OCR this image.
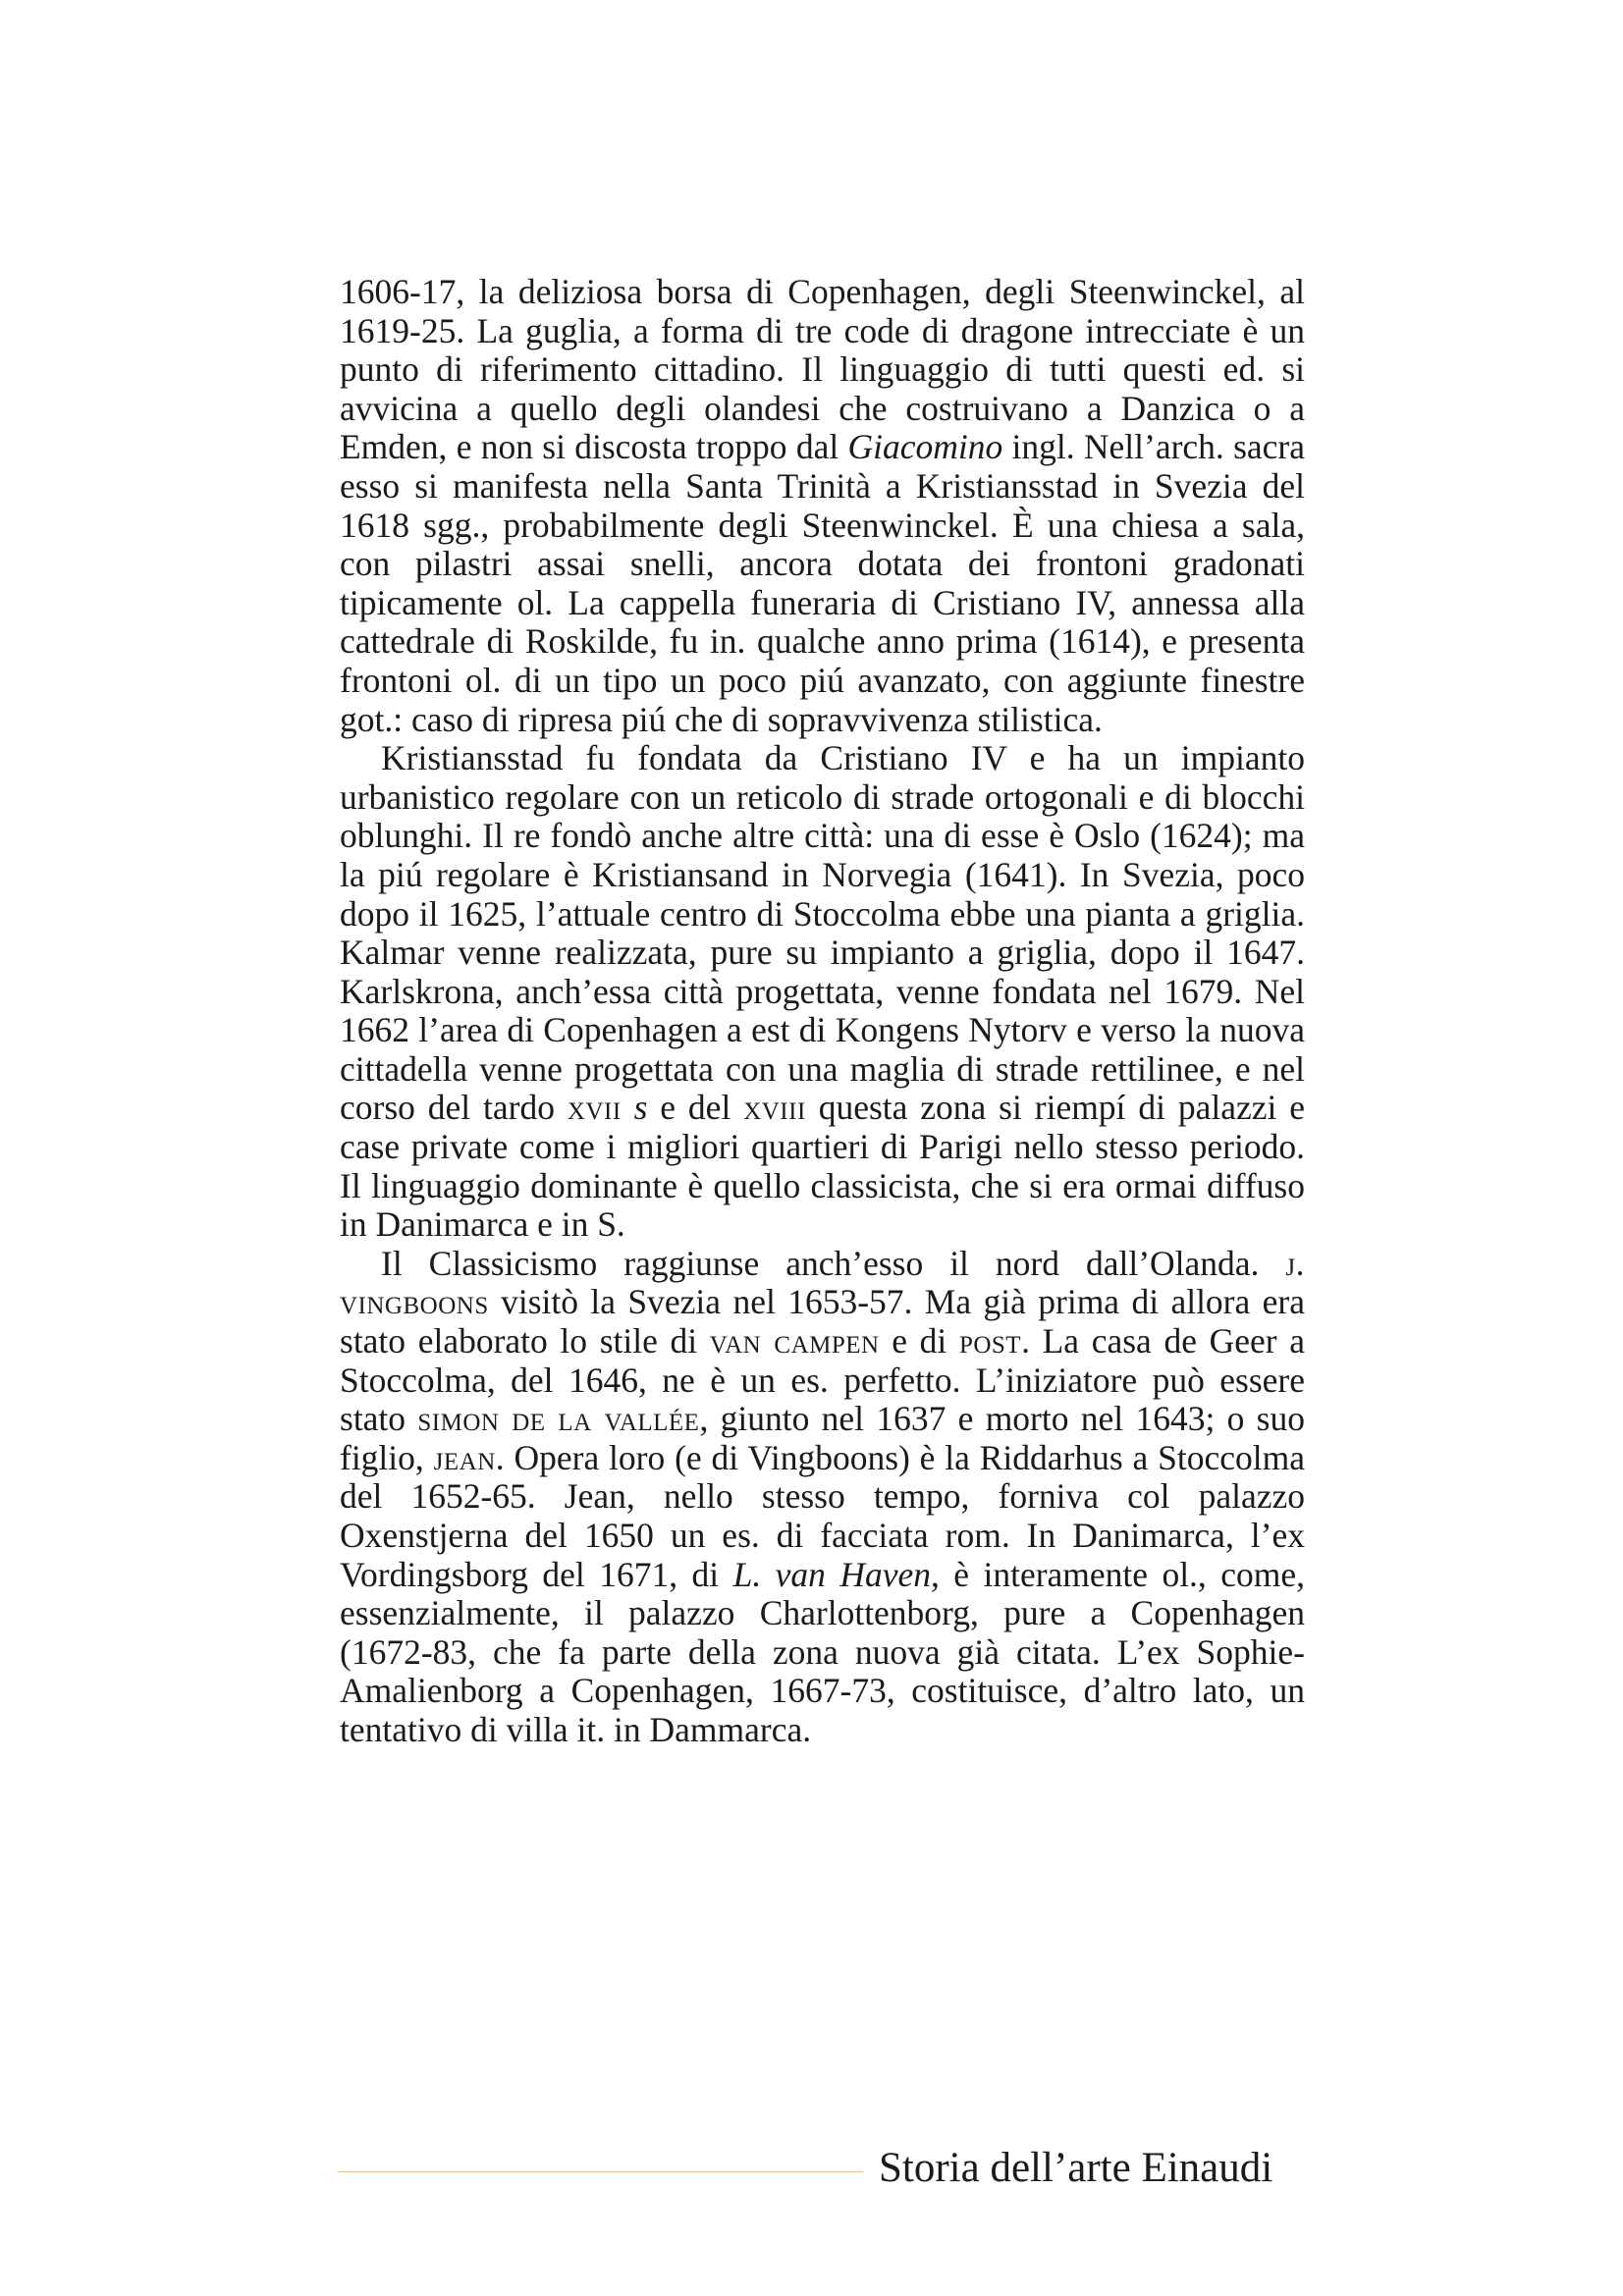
1606-17, la deliziosa borsa di Copenhagen, degli Steenwinckel, al 1619-25. La guglia, a forma di tre code di dragone intrecciate è un punto di riferimento cittadino. Il linguaggio di tutti questi ed. si avvicina a quello degli olandesi che costruivano a Danzica o a Emden, e non si discosta troppo dal Giacomino ingl. Nell’arch. sacra esso si manifesta nella Santa Trinità a Kristiansstad in Svezia del 1618 sgg., probabilmente degli Steenwinckel. È una chiesa a sala, con pilastri assai snelli, ancora dotata dei frontoni gradonati tipicamente ol. La cappella funeraria di Cristiano IV, annessa alla cattedrale di Roskilde, fu in. qualche anno prima (1614), e presenta frontoni ol. di un tipo un poco piú avanzato, con aggiunte finestre got.: caso di ripresa piú che di sopravvivenza stilistica.

Kristiansstad fu fondata da Cristiano IV e ha un impianto urbanistico regolare con un reticolo di strade ortogonali e di blocchi oblunghi. Il re fondò anche altre città: una di esse è Oslo (1624); ma la piú regolare è Kristiansand in Norvegia (1641). In Svezia, poco dopo il 1625, l’attuale centro di Stoccolma ebbe una pianta a griglia. Kalmar venne realizzata, pure su impianto a griglia, dopo il 1647. Karlskrona, anch’essa città progettata, venne fondata nel 1679. Nel 1662 l’area di Copenhagen a est di Kongens Nytorv e verso la nuova cittadella venne progettata con una maglia di strade rettilinee, e nel corso del tardo xvii s e del xviii questa zona si riempí di palazzi e case private come i migliori quartieri di Parigi nello stesso periodo. Il linguaggio dominante è quello classicista, che si era ormai diffuso in Danimarca e in S.

Il Classicismo raggiunse anch’esso il nord dall’Olanda. j. vingboons visitò la Svezia nel 1653-57. Ma già prima di allora era stato elaborato lo stile di van campen e di post. La casa de Geer a Stoccolma, del 1646, ne è un es. perfetto. L’iniziatore può essere stato simon de la vallée, giunto nel 1637 e morto nel 1643; o suo figlio, jean. Opera loro (e di Vingboons) è la Riddarhus a Stoccolma del 1652-65. Jean, nello stesso tempo, forniva col palazzo Oxenstjerna del 1650 un es. di facciata rom. In Danimarca, l’ex Vordingsborg del 1671, di L. van Haven, è interamente ol., come, essenzialmente, il palazzo Charlottenborg, pure a Copenhagen (1672-83, che fa parte della zona nuova già citata. L’ex Sophie-Amalienborg a Copenhagen, 1667-73, costituisce, d’altro lato, un tentativo di villa it. in Dammarca.

Storia dell’arte Einaudi
